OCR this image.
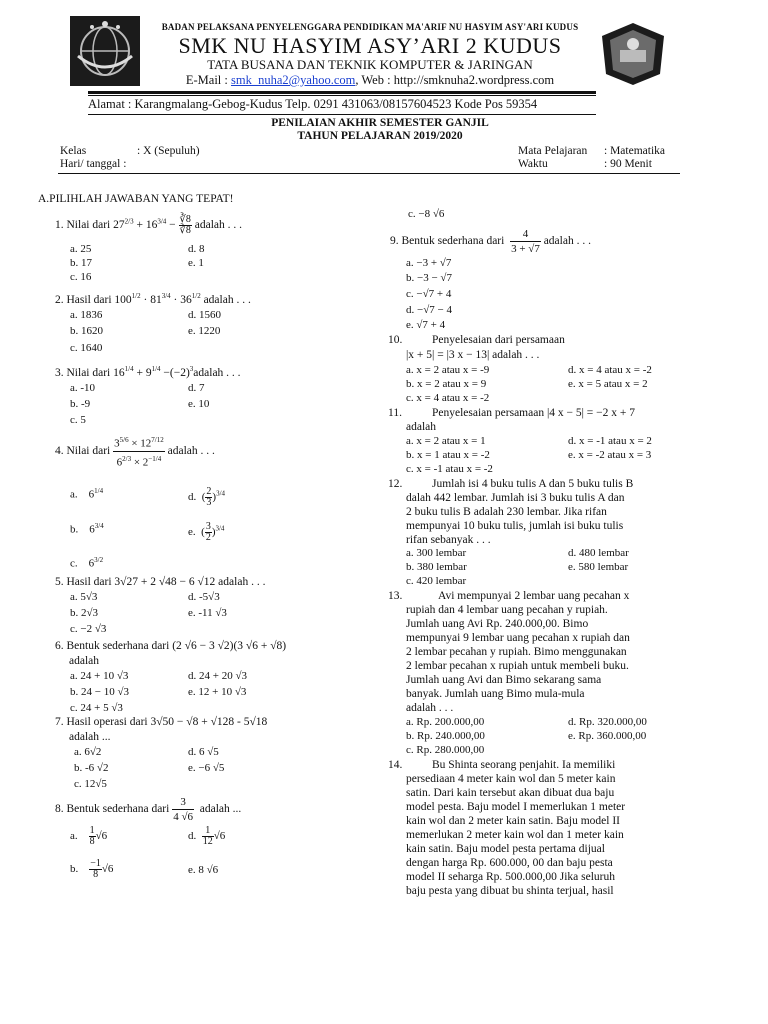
BADAN PELAKSANA PENYELENGGARA PENDIDIKAN MA'ARIF NU HASYIM ASY'ARI KUDUS
SMK NU HASYIM ASY’ARI 2 KUDUS
TATA BUSANA DAN TEKNIK KOMPUTER & JARINGAN
E-Mail : smk_nuha2@yahoo.com, Web : http://smknuha2.wordpress.com
Alamat : Karangmalang-Gebog-Kudus Telp. 0291 431063/08157604523 Kode Pos 59354
PENILAIAN AKHIR SEMESTER GANJIL
TAHUN PELAJARAN 2019/2020
Kelas	: X (Sepuluh)
Hari/ tanggal :
Mata Pelajaran : Matematika
Waktu	: 90 Menit
A.PILIHLAH JAWABAN YANG TEPAT!
1. Nilai dari $27^{2/3} + 16^{3/4} - \frac{∛8}{∛8}$ adalah . . .
a. 25
b. 17
c. 16
d. 8
e. 1
2. Hasil dari $100^{1/2} \cdot 81^{3/4} \cdot 36^{1/2}$ adalah . . .
a. 1836
b. 1620
c. 1640
d. 1560
e. 1220
3. Nilai dari $16^{1/4} + 9^{1/4}$ $-(-2)^3adalah$ . . .
a. -10
b. -9
c. 5
d. 7
e. 10
4. Nilai dari $\frac{3^{5/6} \times 12^{7/12}}{6^{2/3} \times 2^{-1/4}}$ adalah . . .
a.    $6^{1/4}$
b.    $6^{3/4}$
c.    $6^{3/2}$
d.  ( $\frac{2}{3} )^{3/4}$
e.  ( $\frac{3}{2} )^{3/4}$
5. Hasil dari 3√27 + 2 √48 − 6 √12 adalah . . .
a. 5√3
b. 2√3
c. −2 √3
d. -5√3
e. -11 √3
6. Bentuk sederhana dari (2 √6 − 3 √2)(3 √6 + √8)
adalah
a. 24 + 10 √3
b. 24 − 10 √3
c. 24 + 5 √3
d. 24 + 20 √3
e. 12 + 10 √3
7. Hasil operasi dari 3√50 − √8 + √128 - 5√18
adalah ...
a. 6√2
b. -6 √2
c. 12√5
d. 6 √5
e. −6 √5
8. Bentuk sederhana dari $\frac{3}{4 √6}$ adalah ...
a. $\frac{1}{8} √6$
b. $\frac{-1}{8} √6$
d. $\frac{1}{12} √6$
e. 8 √6
c. −8 √6
9. Bentuk sederhana dari $\frac{4}{3 + √7}$ adalah . . .
a. −3 + √7
b. −3 − √7
c. −√7 + 4
d. −√7 − 4
e. √7 + 4
10.	Penyelesaian dari persamaan
|x + 5| = |3 x − 13| adalah . . .
a. x = 2 atau x = -9
b. x = 2 atau x = 9
c. x = 4 atau x = -2
d. x = 4 atau x = -2
e. x = 5 atau x = 2
11.	Penyelesaian persamaan |4 x − 5| = −2 x + 7
adalah
a. x = 2 atau x = 1
b. x = 1 atau x = -2
c. x = -1 atau x = -2
d. x = -1 atau x = 2
e. x = -2 atau x = 3
12.	Jumlah isi 4 buku tulis A dan 5 buku tulis B
dalah 442 lembar. Jumlah isi 3 buku tulis A dan
2 buku tulis B adalah 230 lembar. Jika rifan
mempunyai 10 buku tulis, jumlah isi buku tulis
rifan sebanyak . . .
a. 300 lembar
b. 380 lembar
c. 420 lembar
d. 480 lembar
e. 580 lembar
13.	Avi mempunyai 2 lembar uang pecahan x
rupiah dan 4 lembar uang pecahan y rupiah.
Jumlah uang Avi Rp. 240.000,00. Bimo
mempunyai 9 lembar uang pecahan x rupiah dan
2 lembar pecahan y rupiah. Bimo menggunakan
2 lembar pecahan x rupiah untuk membeli buku.
Jumlah uang Avi dan Bimo sekarang sama
banyak. Jumlah uang Bimo mula-mula
adalah . . .
a. Rp. 200.000,00
b. Rp. 240.000,00
c. Rp. 280.000,00
d. Rp. 320.000,00
e. Rp. 360.000,00
14.	Bu Shinta seorang penjahit. Ia memiliki
persediaan 4 meter kain wol dan 5 meter kain
satin. Dari kain tersebut akan dibuat dua baju
model pesta. Baju model I memerlukan 1 meter
kain wol dan 2 meter kain satin. Baju model II
memerlukan 2 meter kain wol dan 1 meter kain
kain satin. Baju model pesta pertama dijual
dengan harga Rp. 600.000, 00 dan baju pesta
model II seharga Rp. 500.000,00 Jika seluruh
baju pesta yang dibuat bu shinta terjual, hasil
